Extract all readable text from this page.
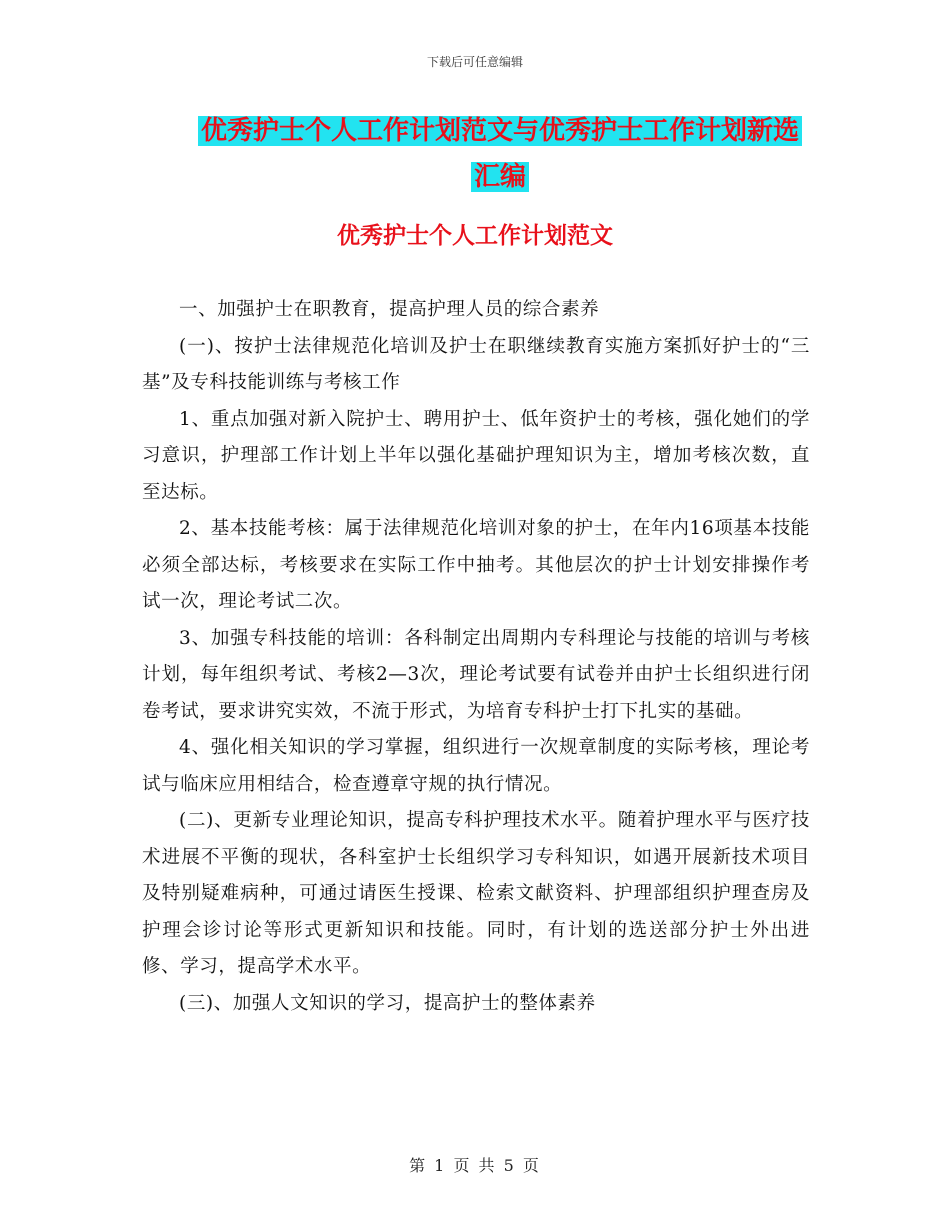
下载后可任意编辑
优秀护士个人工作计划范文与优秀护士工作计划新选
汇编
优秀护士个人工作计划范文

一、加强护士在职教育，提高护理人员的综合素养

(一)、按护士法律规范化培训及护士在职继续教育实施方案抓好护士的“三基”及专科技能训练与考核工作

1、重点加强对新入院护士、聘用护士、低年资护士的考核，强化她们的学习意识，护理部工作计划上半年以强化基础护理知识为主，增加考核次数，直至达标。

2、基本技能考核：属于法律规范化培训对象的护士，在年内16项基本技能必须全部达标，考核要求在实际工作中抽考。其他层次的护士计划安排操作考试一次，理论考试二次。

3、加强专科技能的培训：各科制定出周期内专科理论与技能的培训与考核计划，每年组织考试、考核2—3次，理论考试要有试卷并由护士长组织进行闭卷考试，要求讲究实效，不流于形式，为培育专科护士打下扎实的基础。

4、强化相关知识的学习掌握，组织进行一次规章制度的实际考核，理论考试与临床应用相结合，检查遵章守规的执行情况。

(二)、更新专业理论知识，提高专科护理技术水平。随着护理水平与医疗技术进展不平衡的现状，各科室护士长组织学习专科知识，如遇开展新技术项目及特别疑难病种，可通过请医生授课、检索文献资料、护理部组织护理查房及护理会诊讨论等形式更新知识和技能。同时，有计划的选送部分护士外出进修、学习，提高学术水平。

(三)、加强人文知识的学习，提高护士的整体素养

第 1 页 共 5 页
